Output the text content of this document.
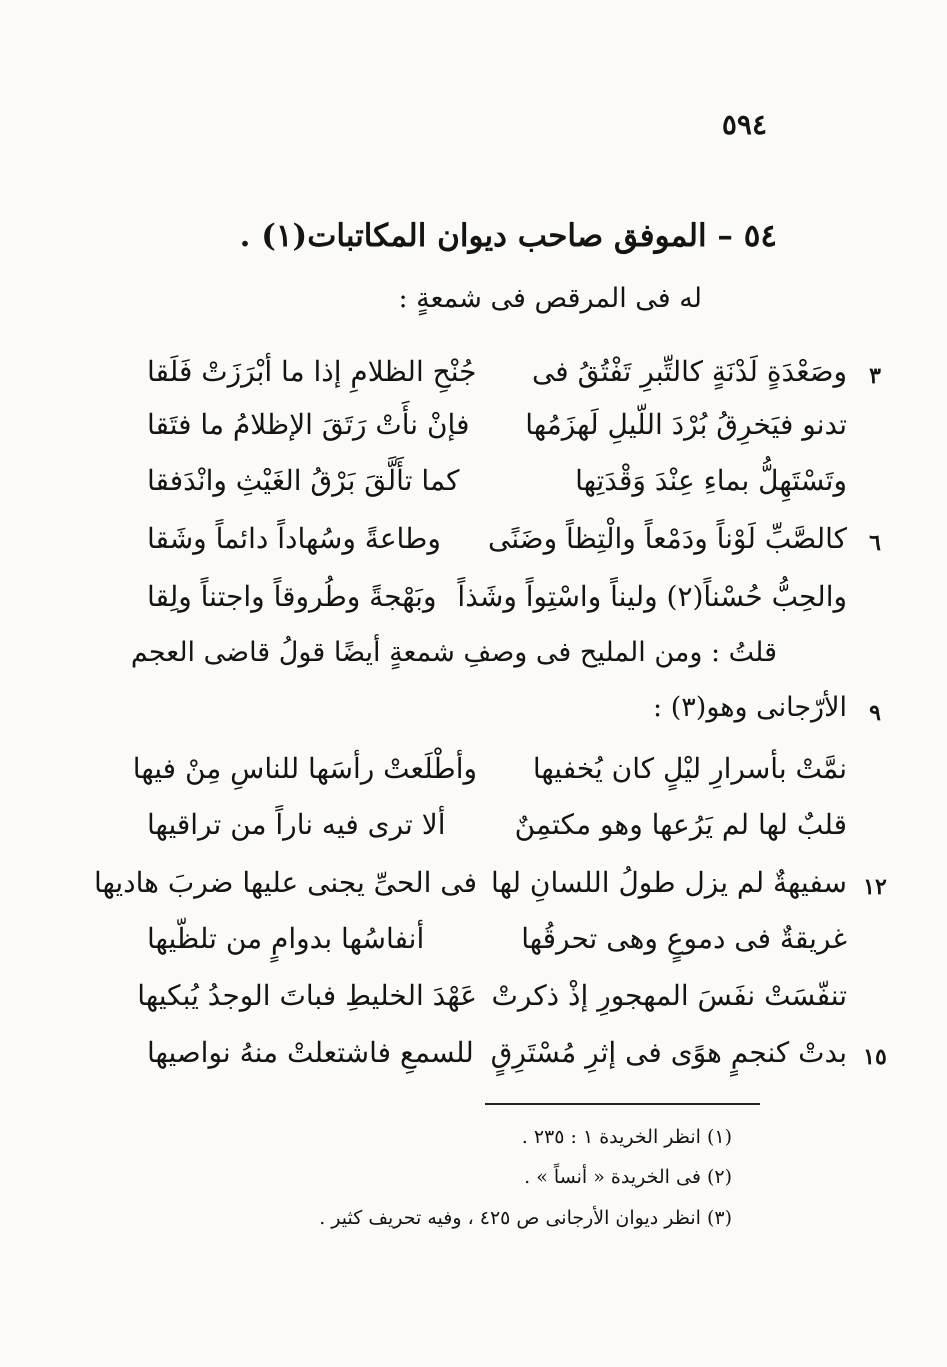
٥٩٤
٥٤ – الموفق صاحب ديوان المكاتبات(١) .
له فى المرقص فى شمعةٍ :
٣
وصَعْدَةٍ لَدْنَةٍ كالتِّبرِ تَفْتُقُ فى
جُنْحِ الظلامِ إذا ما أبْرَزَتْ فَلَقا
تدنو فيَخرِقُ بُرْدَ اللّيلِ لَهزَمُها
فإنْ نأَتْ رَتَقَ الإظلامُ ما فتَقا
وتَسْتَهِلُّ بماءِ عِنْدَ وَقْدَتِها
كما تأَلَّقَ بَرْقُ الغَيْثِ وانْدَفقا
٦
كالصَّبِّ لَوْناً ودَمْعاً والْتِظاً وضَنًى
وطاعةً وسُهاداً دائماً وشَقا
والحِبُّ حُسْناً(٢) وليناً واسْتِواً وشَذاً
وبَهْجةً وطُروقاً واجتناً ولِقا
قلتُ : ومن المليح فى وصفِ شمعةٍ أيضًا قولُ قاضى العجم
٩
الأرّجانى وهو(٣) :
نمَّتْ بأسرارِ ليْلٍ كان يُخفيها
وأطْلَعتْ رأسَها للناسِ مِنْ فيها
قلبٌ لها لم يَرُعها وهو مكتمِنٌ
ألا ترى فيه ناراً من تراقيها
١٢
سفيهةٌ لم يزل طولُ اللسانِ لها
فى الحىِّ يجنى عليها ضربَ هاديها
غريقةٌ فى دموعٍ وهى تحرقُها
أنفاسُها بدوامٍ من تلظّيها
تنفّسَتْ نفَسَ المهجورِ إذْ ذكرتْ
عَهْدَ الخليطِ فباتَ الوجدُ يُبكيها
١٥
بدتْ كنجمٍ هوًى فى إثرِ مُسْتَرِقٍ
للسمعِ فاشتعلتْ منهُ نواصيها
(١) انظر الخريدة ١ : ٢٣٥ .
(٢) فى الخريدة « أنساً » .
(٣) انظر ديوان الأرجانى ص ٤٢٥ ، وفيه تحريف كثير .
